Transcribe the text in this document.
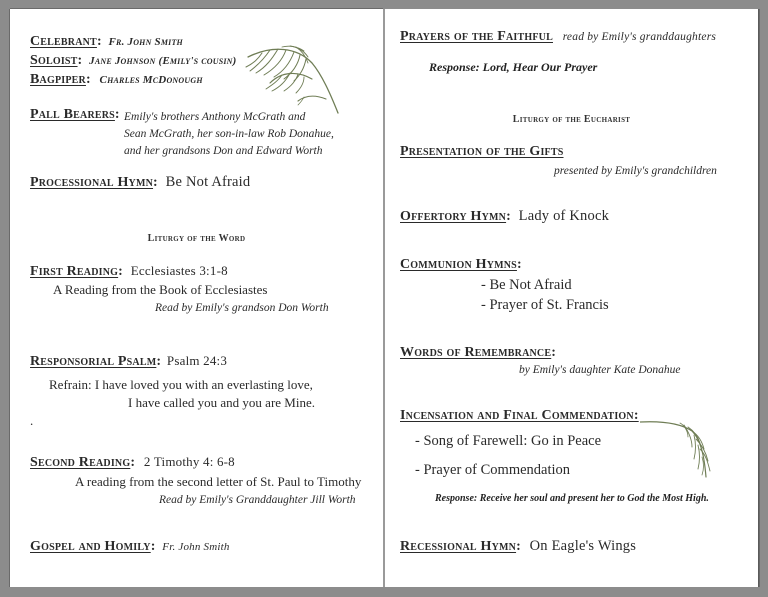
Celebrant: Fr. John Smith
Soloist: Jane Johnson (Emily's cousin)
Bagpiper: Charles McDonough
Pall Bearers: Emily's brothers Anthony McGrath and
Sean McGrath, her son-in-law Rob Donahue,
and her grandsons Don and Edward Worth
Processional Hymn: Be Not Afraid
Liturgy of the Word
First Reading: Ecclesiastes 3:1-8
A Reading from the Book of Ecclesiastes
Read by Emily's grandson Don Worth
Responsorial Psalm: Psalm 24:3
Refrain: I have loved you with an everlasting love,
I have called you and you are Mine.
.
Second Reading: 2 Timothy 4: 6-8
A reading from the second letter of St. Paul to Timothy
Read by Emily's Granddaughter Jill Worth
Gospel and Homily: Fr. John Smith
Prayers of the Faithful read by Emily's granddaughters
Response: Lord, Hear Our Prayer
Liturgy of the Eucharist
Presentation of the Gifts
presented by Emily's grandchildren
Offertory Hymn: Lady of Knock
Communion Hymns:
- Be Not Afraid
- Prayer of St. Francis
Words of Remembrance:
by Emily's daughter Kate Donahue
Incensation and Final Commendation:
- Song of Farewell: Go in Peace
- Prayer of Commendation
Response: Receive her soul and present her to God the Most High.
Recessional Hymn: On Eagle's Wings
